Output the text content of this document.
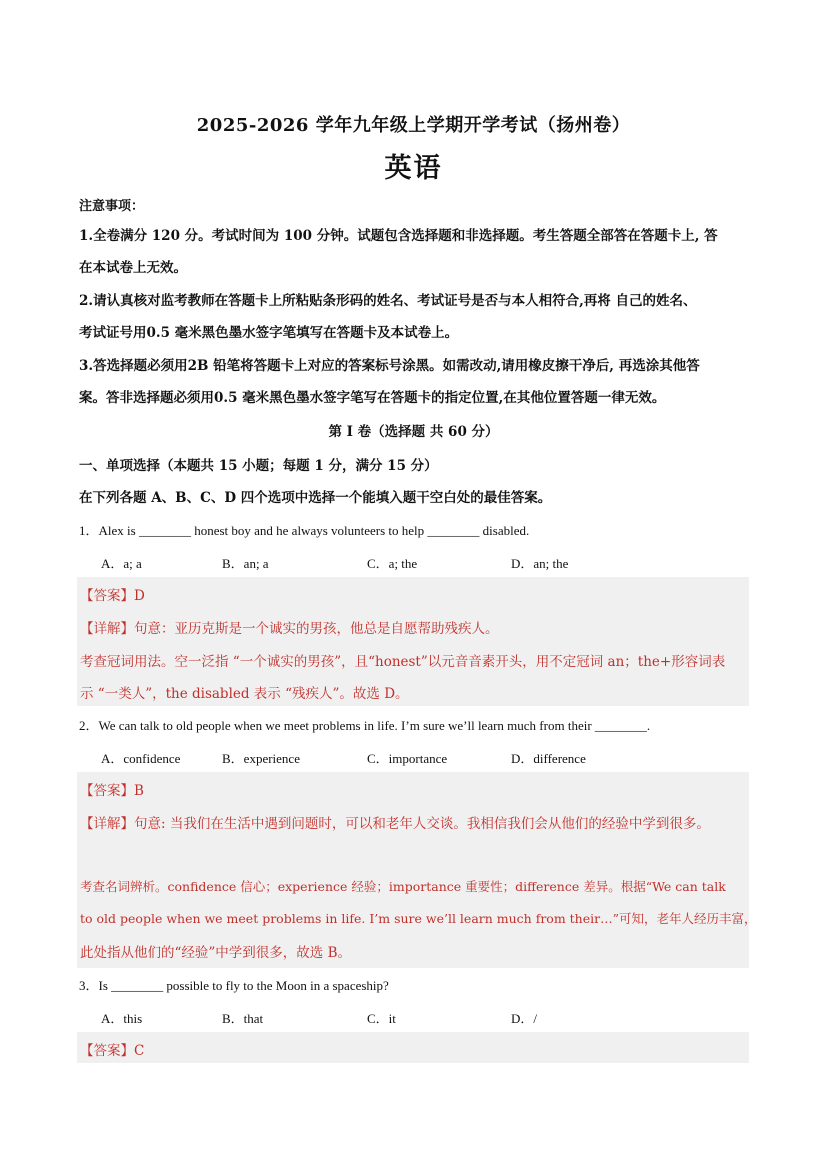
2025-2026 学年九年级上学期开学考试（扬州卷）
英语
注意事项：
1.全卷满分 120 分。考试时间为 100 分钟。试题包含选择题和非选择题。考生答题全部答在答题卡上, 答
在本试卷上无效。
2.请认真核对监考教师在答题卡上所粘贴条形码的姓名、考试证号是否与本人相符合,再将 自己的姓名、
考试证号用0.5 毫米黑色墨水签字笔填写在答题卡及本试卷上。
3.答选择题必须用2B 铅笔将答题卡上对应的答案标号涂黑。如需改动,请用橡皮擦干净后, 再选涂其他答
案。答非选择题必须用0.5 毫米黑色墨水签字笔写在答题卡的指定位置,在其他位置答题一律无效。
第 I 卷（选择题 共 60 分）
一、单项选择（本题共 15 小题；每题 1 分，满分 15 分）
在下列各题 A、B、C、D 四个选项中选择一个能填入题干空白处的最佳答案。
1．Alex is ________ honest boy and he always volunteers to help ________ disabled.
A．a; a	B．an; a	C．a; the	D．an; the
【答案】D
【详解】句意：亚历克斯是一个诚实的男孩，他总是自愿帮助残疾人。
考查冠词用法。空一泛指 “一个诚实的男孩”，且“honest”以元音音素开头，用不定冠词 an；the+形容词表
示 “一类人”，the disabled 表示 “残疾人”。故选 D。
2．We can talk to old people when we meet problems in life. I’m sure we’ll learn much from their ________.
A．confidence	B．experience	C．importance	D．difference
【答案】B
【详解】句意: 当我们在生活中遇到问题时，可以和老年人交谈。我相信我们会从他们的经验中学到很多。
考查名词辨析。confidence 信心；experience 经验；importance 重要性；difference 差异。根据“We can talk
to old people when we meet problems in life. I’m sure we’ll learn much from their…”可知，老年人经历丰富，
此处指从他们的“经验”中学到很多，故选 B。
3．Is ________ possible to fly to the Moon in a spaceship?
A．this	B．that	C．it	D．/
【答案】C
